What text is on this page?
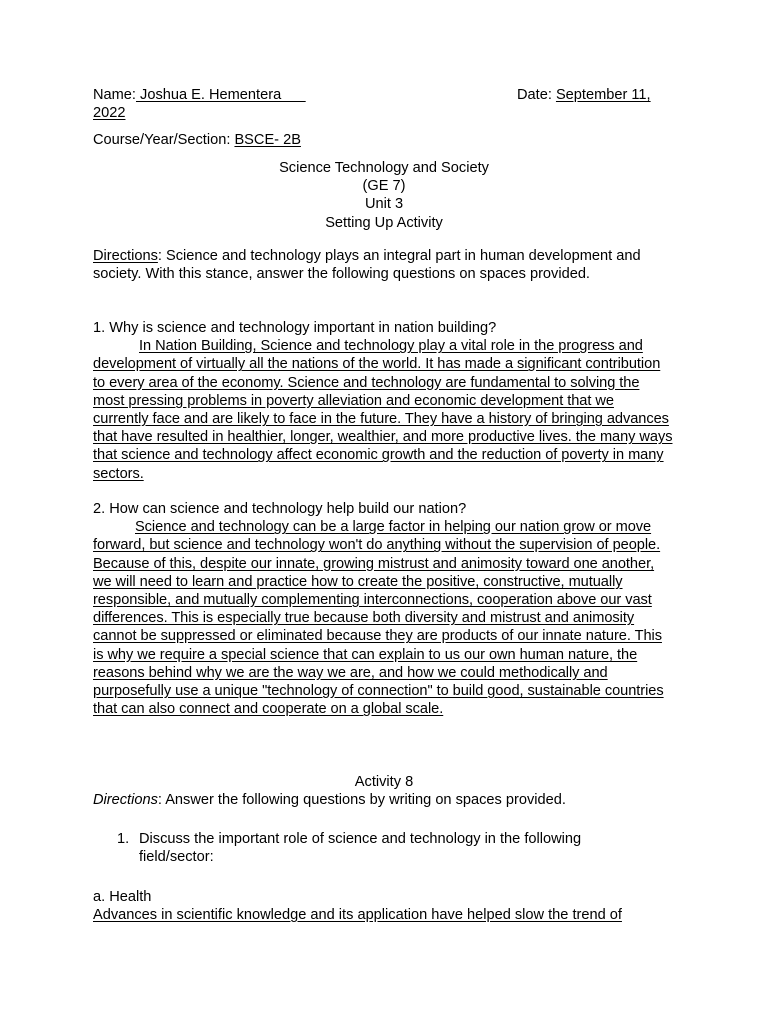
Name: Joshua E. Hementera___	Date: September 11,
2022
Course/Year/Section: BSCE- 2B

Science Technology and Society

(GE 7)

Unit 3

Setting Up Activity

Directions: Science and technology plays an integral part in human development and

society. With this stance, answer the following questions on spaces provided.

1. Why is science and technology important in nation building?

In Nation Building, Science and technology play a vital role in the progress and development of virtually all the nations of the world. It has made a significant contribution to every area of the economy. Science and technology are fundamental to solving the most pressing problems in poverty alleviation and economic development that we currently face and are likely to face in the future. They have a history of bringing advances that have resulted in healthier, longer, wealthier, and more productive lives. the many ways that science and technology affect economic growth and the reduction of poverty in many sectors.

2. How can science and technology help build our nation?

Science and technology can be a large factor in helping our nation grow or move forward, but science and technology won't do anything without the supervision of people. Because of this, despite our innate, growing mistrust and animosity toward one another, we will need to learn and practice how to create the positive, constructive, mutually responsible, and mutually complementing interconnections, cooperation above our vast differences. This is especially true because both diversity and mistrust and animosity cannot be suppressed or eliminated because they are products of our innate nature. This is why we require a special science that can explain to us our own human nature, the reasons behind why we are the way we are, and how we could methodically and purposefully use a unique "technology of connection" to build good, sustainable countries that can also connect and cooperate on a global scale.

Activity 8

Directions: Answer the following questions by writing on spaces provided.
1. Discuss the important role of science and technology in the following

field/sector:

a. Health
Advances in scientific knowledge and its application have helped slow the trend of
